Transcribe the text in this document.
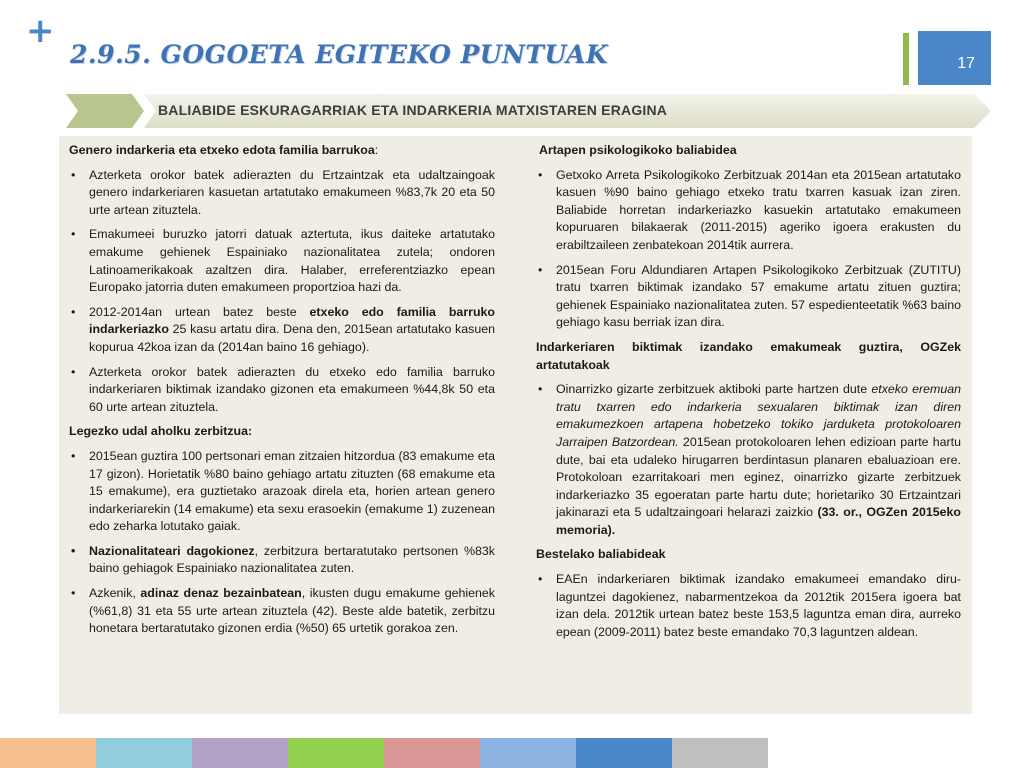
+
2.9.5. GOGOETA EGITEKO PUNTUAK	17
BALIABIDE ESKURAGARRIAK ETA INDARKERIA MATXISTAREN ERAGINA

Genero indarkeria eta etxeko edota familia barrukoa:

• Azterketa orokor batek adierazten du Ertzaintzak eta udaltzaingoak genero indarkeriaren kasuetan artatutako emakumeen %83,7k 20 eta 50 urte artean zituztela.
• Emakumeei buruzko jatorri datuak aztertuta, ikus daiteke artatutako emakume gehienek Espainiako nazionalitatea zutela; ondoren Latinoamerikakoak azaltzen dira. Halaber, erreferentziazko epean Europako jatorria duten emakumeen proportzioa hazi da.
• 2012-2014an urtean batez beste etxeko edo familia barruko indarkeriazko 25 kasu artatu dira. Dena den, 2015ean artatutako kasuen kopurua 42koa izan da (2014an baino 16 gehiago).
• Azterketa orokor batek adierazten du etxeko edo familia barruko indarkeriaren biktimak izandako gizonen eta emakumeen %44,8k 50 eta 60 urte artean zituztela.

Legezko udal aholku zerbitzua:

• 2015ean guztira 100 pertsonari eman zitzaien hitzordua (83 emakume eta 17 gizon). Horietatik %80 baino gehiago artatu zituzten (68 emakume eta 15 emakume), era guztietako arazoak direla eta, horien artean genero indarkeriarekin (14 emakume) eta sexu erasoekin (emakume 1) zuzenean edo zeharka lotutako gaiak.
• Nazionalitateari dagokionez, zerbitzura bertaratutako pertsonen %83k baino gehiagok Espainiako nazionalitatea zuten.
• Azkenik, adinaz denaz bezainbatean, ikusten dugu emakume gehienek (%61,8) 31 eta 55 urte artean zituztela (42). Beste alde batetik, zerbitzu honetara bertaratutako gizonen erdia (%50) 65 urtetik gorakoa zen.

Artapen psikologikoko baliabidea

• Getxoko Arreta Psikologikoko Zerbitzuak 2014an eta 2015ean artatutako kasuen %90 baino gehiago etxeko tratu txarren kasuak izan ziren. Baliabide horretan indarkeriazko kasuekin artatutako emakumeen kopuruaren bilakaerak (2011-2015) ageriko igoera erakusten du erabiltzaileen zenbatekoan 2014tik aurrera.
• 2015ean Foru Aldundiaren Artapen Psikologikoko Zerbitzuak (ZUTITU) tratu txarren biktimak izandako 57 emakume artatu zituen guztira; gehienek Espainiako nazionalitatea zuten. 57 espedienteetatik %63 baino gehiago kasu berriak izan dira.

Indarkeriaren biktimak izandako emakumeak guztira, OGZek artatutakoak

• Oinarrizko gizarte zerbitzuek aktiboki parte hartzen dute etxeko eremuan tratu txarren edo indarkeria sexualaren biktimak izan diren emakumezkoen artapena hobetzeko tokiko jarduketa protokoloaren Jarraipen Batzordean. 2015ean protokoloaren lehen edizioan parte hartu dute, bai eta udaleko hirugarren berdintasun planaren ebaluazioan ere. Protokoloan ezarritakoari men eginez, oinarrizko gizarte zerbitzuek indarkeriazko 35 egoeratan parte hartu dute; horietariko 30 Ertzaintzari jakinarazi eta 5 udaltzaingoari helarazi zaizkio (33. or., OGZen 2015eko memoria).

Bestelako baliabideak

• EAEn indarkeriaren biktimak izandako emakumeei emandako diru-laguntzei dagokienez, nabarmentzekoa da 2012tik 2015era igoera bat izan dela. 2012tik urtean batez beste 153,5 laguntza eman dira, aurreko epean (2009-2011) batez beste emandako 70,3 laguntzen aldean.
